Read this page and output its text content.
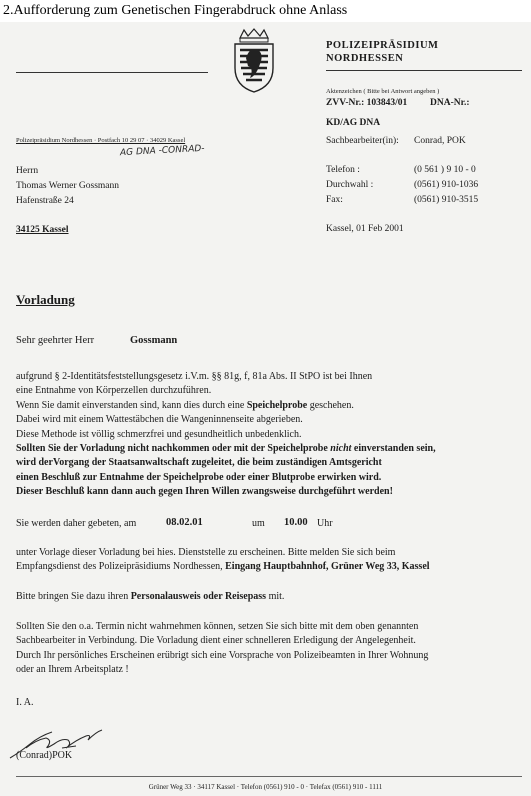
2.Aufforderung zum Genetischen Fingerabdruck ohne Anlass
POLIZEIPRÄSIDIUM
NORDHESSEN
Aktenzeichen ( Bitte bei Antwort angeben )
ZVV-Nr.: 103843/01 DNA-Nr.:
KD/AG DNA
Sachbearbeiter(in): Conrad, POK
Telefon :	(0 561 ) 9 10 - 0
Durchwahl :	(0561) 910-1036
Fax:	(0561) 910-3515
Kassel, 01 Feb 2001
Polizeipräsidium Nordhessen · Postfach 10 29 07 · 34029 Kassel
AG DNA -CONRAD-
Herrn
Thomas Werner Gossmann
Hafenstraße 24
34125 Kassel
Vorladung
Sehr geehrter Herr	Gossmann
aufgrund § 2-Identitätsfeststellungsgesetz i.V.m. §§ 81g, f, 81a Abs. II StPO ist bei Ihnen
eine Entnahme von Körperzellen durchzuführen.
Wenn Sie damit einverstanden sind, kann dies durch eine Speichelprobe geschehen.
Dabei wird mit einem Wattestäbchen die Wangeninnenseite abgerieben.
Diese Methode ist völlig schmerzfrei und gesundheitlich unbedenklich.
Sollten Sie der Vorladung nicht nachkommen oder mit der Speichelprobe nicht einverstanden sein,
wird derVorgang der Staatsanwaltschaft zugeleitet, die beim zuständigen Amtsgericht
einen Beschluß zur Entnahme der Speichelprobe oder einer Blutprobe erwirken wird.
Dieser Beschluß kann dann auch gegen Ihren Willen zwangsweise durchgeführt werden!
Sie werden daher gebeten, am	08.02.01	um 10.00 Uhr
unter Vorlage dieser Vorladung bei hies. Dienststelle zu erscheinen. Bitte melden Sie sich beim
Empfangsdienst des Polizeipräsidiums Nordhessen, Eingang Hauptbahnhof, Grüner Weg 33, Kassel
Bitte bringen Sie dazu ihren Personalausweis oder Reisepass mit.
Sollten Sie den o.a. Termin nicht wahrnehmen können, setzen Sie sich bitte mit dem oben genannten
Sachbearbeiter in Verbindung. Die Vorladung dient einer schnelleren Erledigung der Angelegenheit.
Durch Ihr persönliches Erscheinen erübrigt sich eine Vorsprache von Polizeibeamten in Ihrer Wohnung
oder an Ihrem Arbeitsplatz !
I. A.
(Conrad)POK
Grüner Weg 33 · 34117 Kassel · Telefon (0561) 910 - 0 · Telefax (0561) 910 - 1111
